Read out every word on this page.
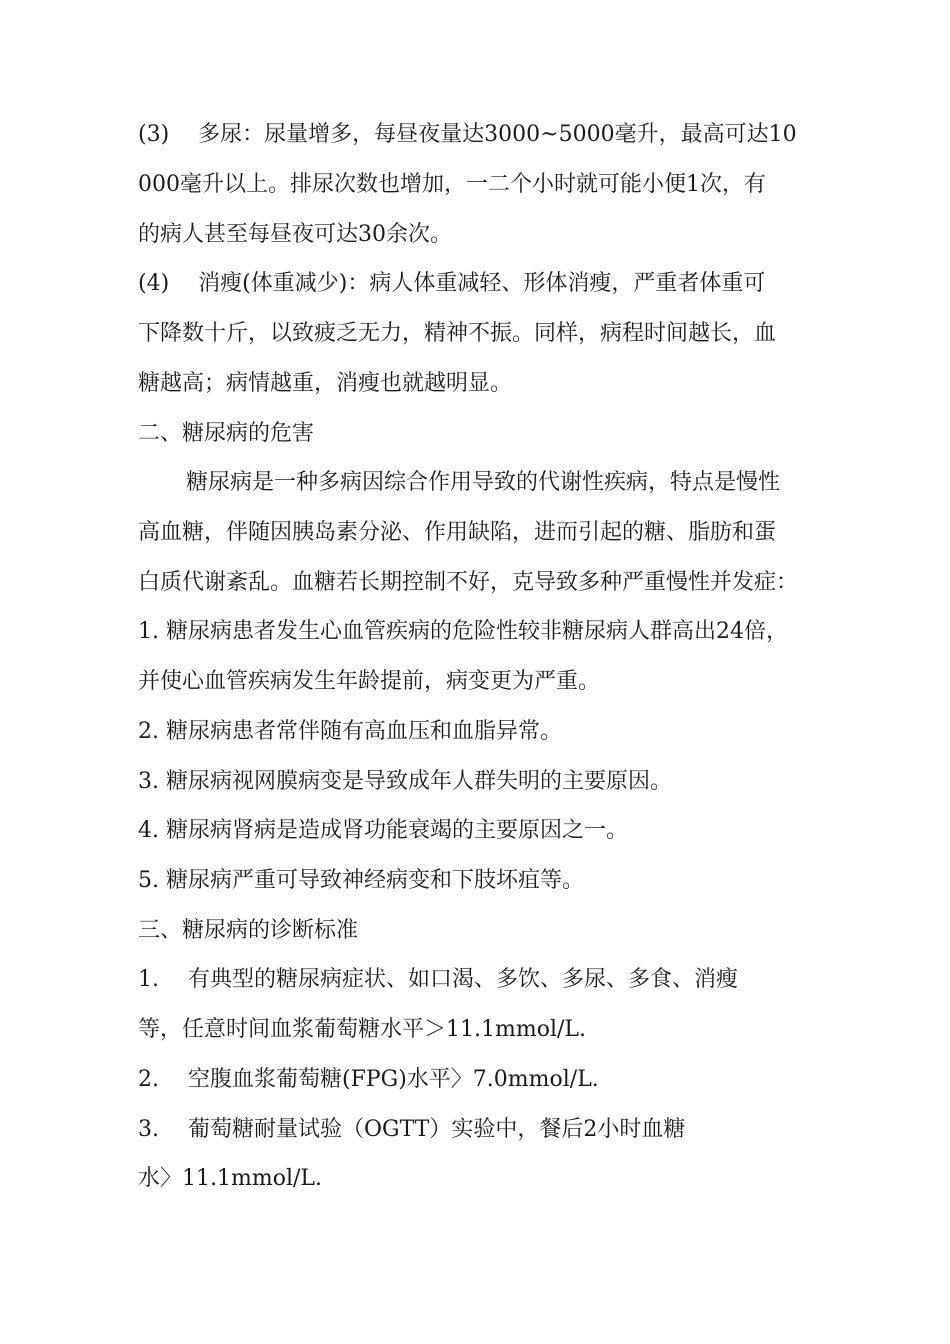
(3)　 多尿：尿量增多，每昼夜量达3000~5000毫升，最高可达10
000毫升以上。排尿次数也增加，一二个小时就可能小便1次，有
的病人甚至每昼夜可达30余次。
(4)　 消瘦(体重减少)：病人体重减轻、形体消瘦，严重者体重可
下降数十斤，以致疲乏无力，精神不振。同样，病程时间越长，血
糖越高；病情越重，消瘦也就越明显。
二、糖尿病的危害
糖尿病是一种多病因综合作用导致的代谢性疾病，特点是慢性
高血糖，伴随因胰岛素分泌、作用缺陷，进而引起的糖、脂肪和蛋
白质代谢紊乱。血糖若长期控制不好，克导致多种严重慢性并发症：
1. 糖尿病患者发生心血管疾病的危险性较非糖尿病人群高出24倍，
并使心血管疾病发生年龄提前，病变更为严重。
2. 糖尿病患者常伴随有高血压和血脂异常。
3. 糖尿病视网膜病变是导致成年人群失明的主要原因。
4. 糖尿病肾病是造成肾功能衰竭的主要原因之一。
5. 糖尿病严重可导致神经病变和下肢坏疽等。
三、糖尿病的诊断标准
1.　 有典型的糖尿病症状、如口渴、多饮、多尿、多食、消瘦
等，任意时间血浆葡萄糖水平＞11.1mmol/L.
2.　 空腹血浆葡萄糖(FPG)水平〉7.0mmol/L.
3.　 葡萄糖耐量试验（OGTT）实验中，餐后2小时血糖
水〉11.1mmol/L.
